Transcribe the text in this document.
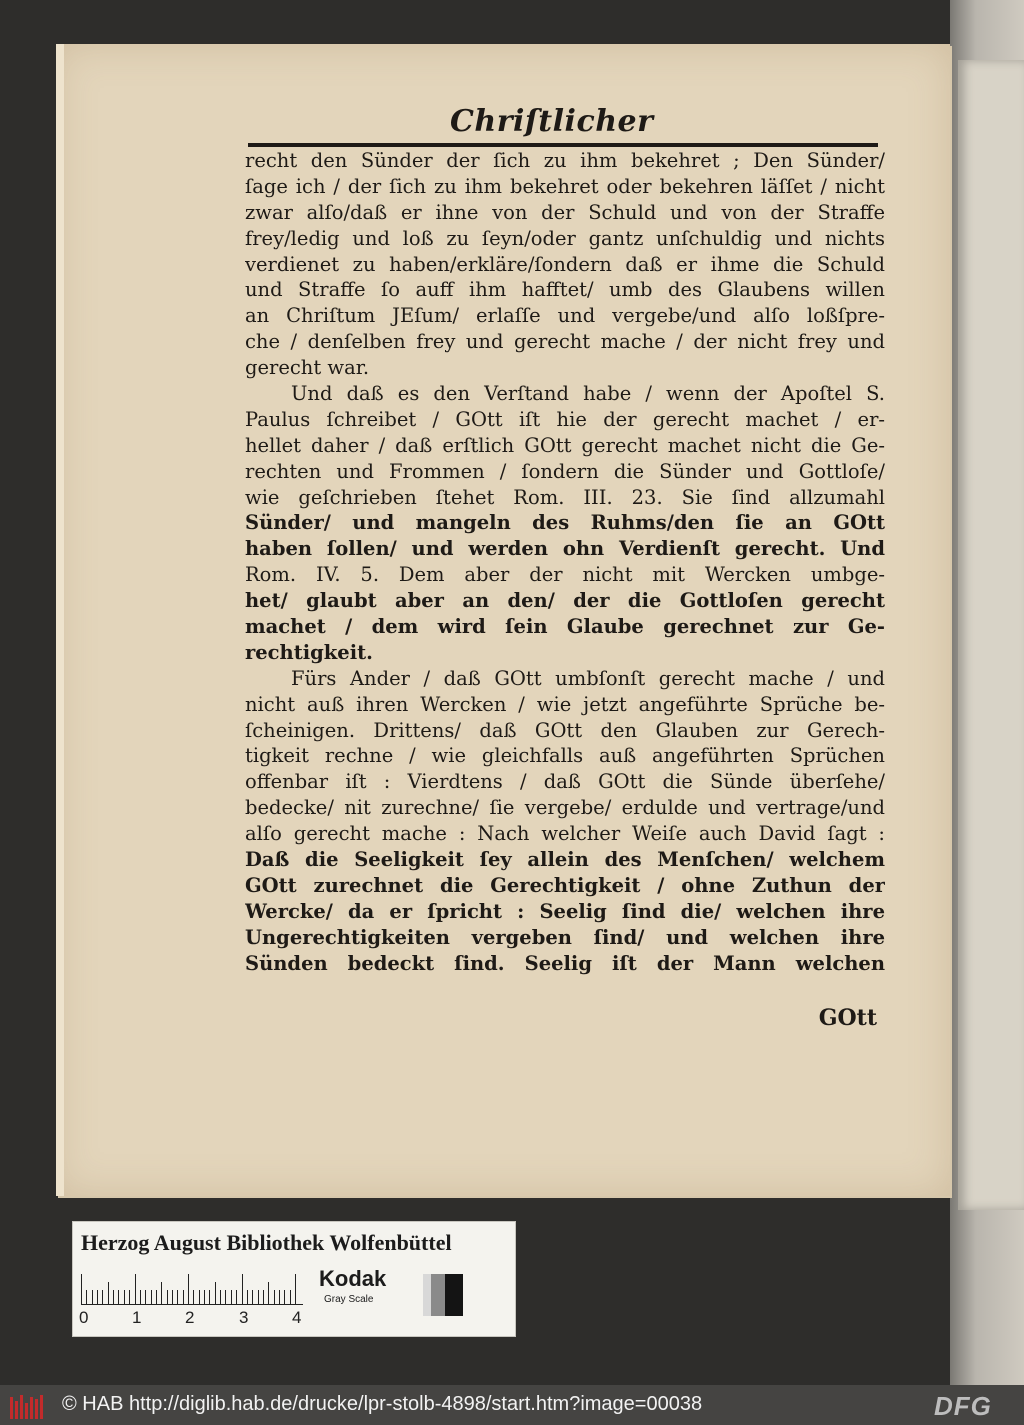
Chriſtlicher
recht den Sünder der ſich zu ihm bekehret ; Den Sünder/
ſage ich / der ſich zu ihm bekehret oder bekehren läſſet / nicht
zwar alſo/daß er ihne von der Schuld und von der Straffe
frey/ledig und loß zu ſeyn/oder gantz unſchuldig und nichts
verdienet zu haben/erkläre/ſondern daß er ihme die Schuld
und Straffe ſo auff ihm hafftet/ umb des Glaubens willen
an Chriſtum JEſum/ erlaſſe und vergebe/und alſo loßſpre-
che / denſelben frey und gerecht mache / der nicht frey und
gerecht war.
Und daß es den Verſtand habe / wenn der Apoſtel S.
Paulus ſchreibet / GOtt iſt hie der gerecht machet / er-
hellet daher / daß erſtlich GOtt gerecht machet nicht die Ge-
rechten und Frommen / ſondern die Sünder und Gottloſe/
wie geſchrieben ſtehet Rom. III. 23. Sie ſind allzumahl
Sünder/ und mangeln des Ruhms/den ſie an GOtt
haben ſollen/ und werden ohn Verdienſt gerecht. Und
Rom. IV. 5. Dem aber der nicht mit Wercken umbge-
het/ glaubt aber an den/ der die Gottloſen gerecht
machet / dem wird ſein Glaube gerechnet zur Ge-
rechtigkeit.
Fürs Ander / daß GOtt umbſonſt gerecht mache / und
nicht auß ihren Wercken / wie jetzt angeführte Sprüche be-
ſcheinigen. Drittens/ daß GOtt den Glauben zur Gerech-
tigkeit rechne / wie gleichfalls auß angeführten Sprüchen
offenbar iſt : Vierdtens / daß GOtt die Sünde überſehe/
bedecke/ nit zurechne/ ſie vergebe/ erdulde und vertrage/und
alſo gerecht mache : Nach welcher Weiſe auch David ſagt :
Daß die Seeligkeit ſey allein des Menſchen/ welchem
GOtt zurechnet die Gerechtigkeit / ohne Zuthun der
Wercke/ da er ſpricht : Seelig ſind die/ welchen ihre
Ungerechtigkeiten vergeben ſind/ und welchen ihre
Sünden bedeckt ſind. Seelig iſt der Mann welchen
GOtt
Herzog August Bibliothek Wolfenbüttel
0	1	2	3	4
Kodak
Gray Scale
© HAB http://diglib.hab.de/drucke/lpr-stolb-4898/start.htm?image=00038	DFG
